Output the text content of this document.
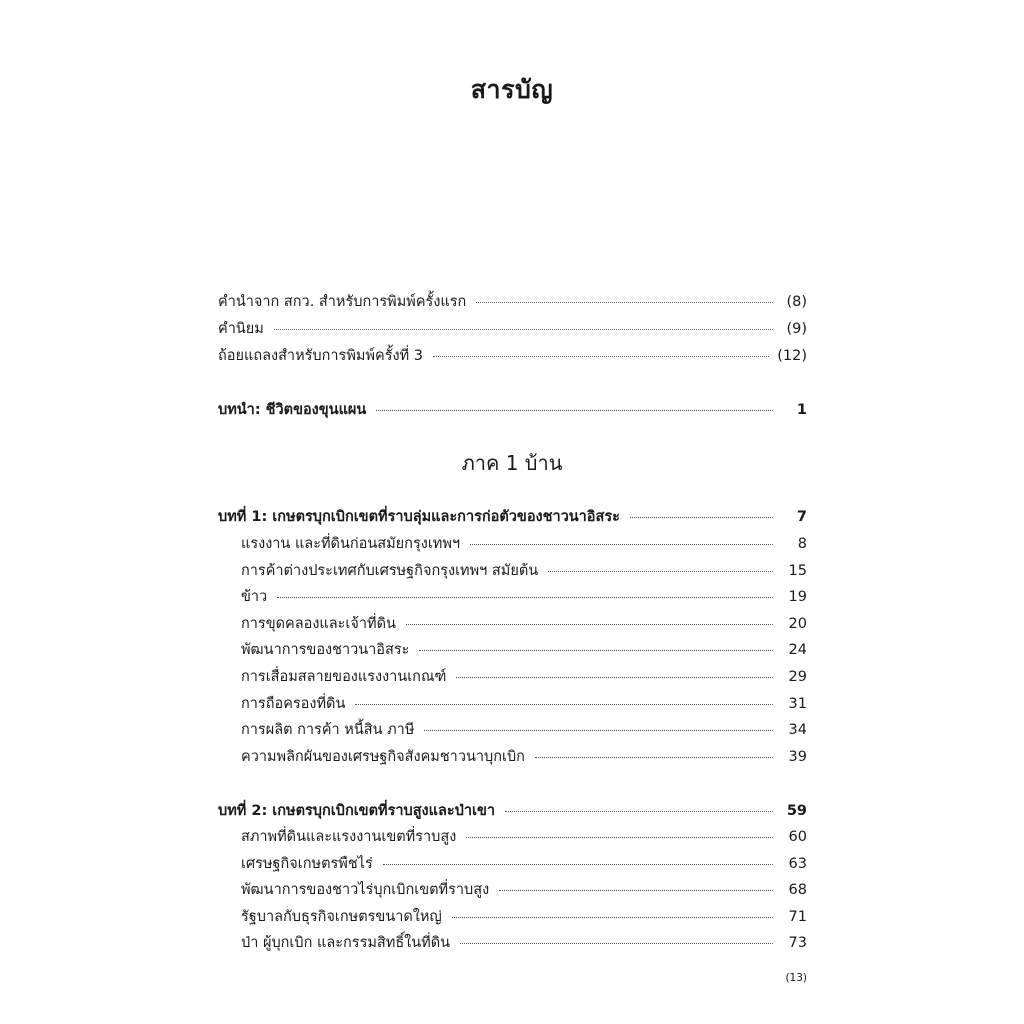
สารบัญ
คำนำจาก สกว. สำหรับการพิมพ์ครั้งแรก	(8)
คำนิยม	(9)
ถ้อยแถลงสำหรับการพิมพ์ครั้งที่ 3	(12)
บทนำ: ชีวิตของขุนแผน	1
ภาค 1 บ้าน
บทที่ 1: เกษตรบุกเบิกเขตที่ราบลุ่มและการก่อตัวของชาวนาอิสระ	7
แรงงาน และที่ดินก่อนสมัยกรุงเทพฯ	8
การค้าต่างประเทศกับเศรษฐกิจกรุงเทพฯ สมัยต้น	15
ข้าว	19
การขุดคลองและเจ้าที่ดิน	20
พัฒนาการของชาวนาอิสระ	24
การเสื่อมสลายของแรงงานเกณฑ์	29
การถือครองที่ดิน	31
การผลิต การค้า หนี้สิน ภาษี	34
ความพลิกผันของเศรษฐกิจสังคมชาวนาบุกเบิก	39
บทที่ 2: เกษตรบุกเบิกเขตที่ราบสูงและป่าเขา	59
สภาพที่ดินและแรงงานเขตที่ราบสูง	60
เศรษฐกิจเกษตรพืชไร่	63
พัฒนาการของชาวไร่บุกเบิกเขตที่ราบสูง	68
รัฐบาลกับธุรกิจเกษตรขนาดใหญ่	71
ป่า ผู้บุกเบิก และกรรมสิทธิ์ในที่ดิน	73
(13)
